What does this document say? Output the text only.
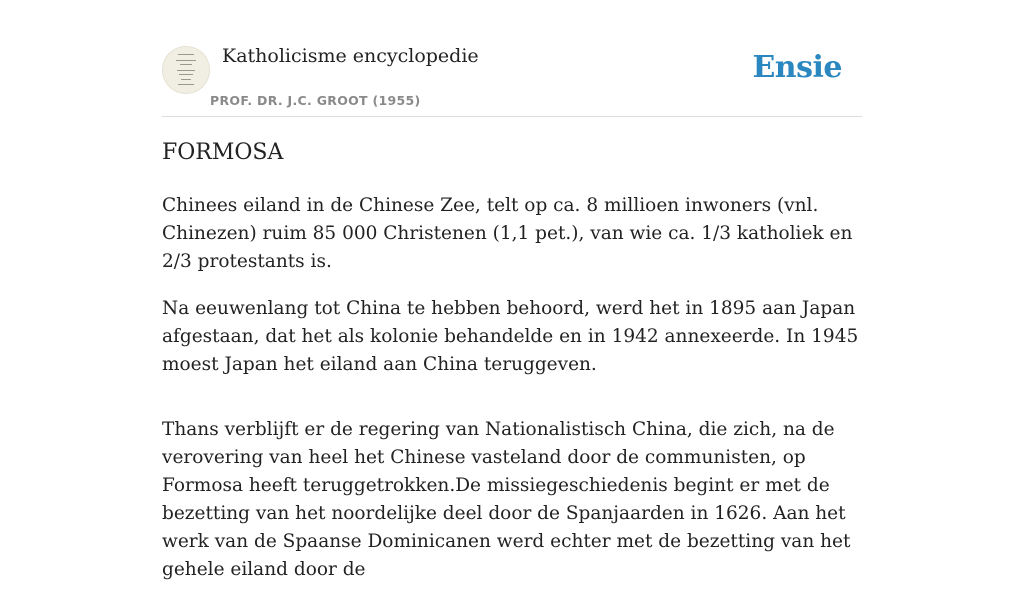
Katholicisme encyclopedie
PROF. DR. J.C. GROOT (1955)
Ensie
FORMOSA

Chinees eiland in de Chinese Zee, telt op ca. 8 millioen inwoners (vnl. Chinezen) ruim 85 000 Christenen (1,1 pet.), van wie ca. 1/3 katholiek en 2/3 protestants is.

Na eeuwenlang tot China te hebben behoord, werd het in 1895 aan Japan afgestaan, dat het als kolonie behandelde en in 1942 annexeerde. In 1945 moest Japan het eiland aan China teruggeven.

Thans verblijft er de regering van Nationalistisch China, die zich, na de verovering van heel het Chinese vasteland door de communisten, op Formosa heeft teruggetrokken.De missiegeschiedenis begint er met de bezetting van het noordelijke deel door de Spanjaarden in 1626. Aan het werk van de Spaanse Dominicanen werd echter met de bezetting van het gehele eiland door de
